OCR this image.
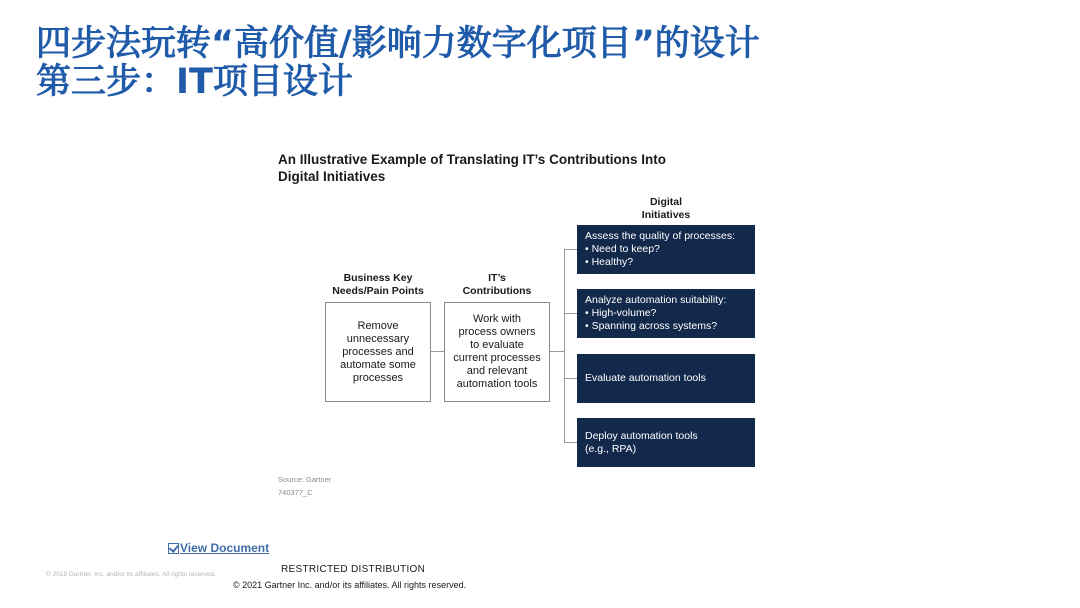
四步法玩转“高价值/影响力数字化项目”的设计
第三步：IT项目设计
An Illustrative Example of Translating IT’s Contributions Into
Digital Initiatives
Business Key
Needs/Pain Points
IT’s
Contributions
Digital
Initiatives
Remove
unnecessary
processes and
automate some
processes
Work with
process owners
to evaluate
current processes
and relevant
automation tools
Assess the quality of processes:
• Need to keep?
• Healthy?
Analyze automation suitability:
• High-volume?
• Spanning across systems?
Evaluate automation tools
Deploy automation tools
(e.g., RPA)
Source: Gartner
740377_C
View Document
© 2018 Gartner, Inc. and/or its affiliates. All rights reserved.	RESTRICTED DISTRIBUTION
© 2021 Gartner Inc. and/or its affiliates. All rights reserved.
